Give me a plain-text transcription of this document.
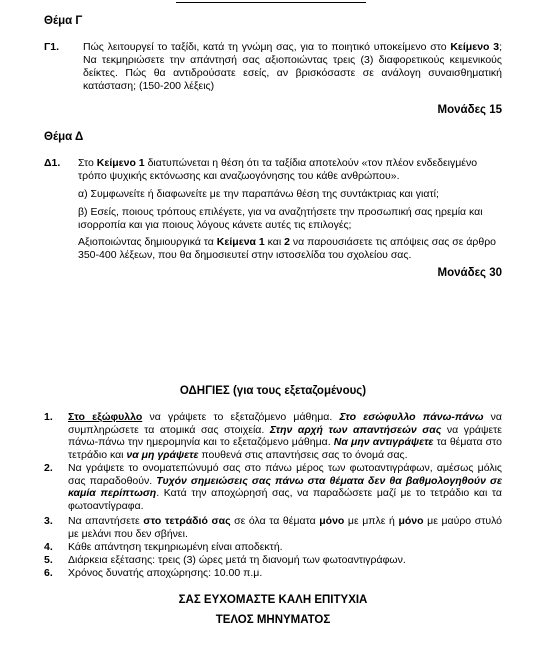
Θέμα Γ
Γ1. Πώς λειτουργεί το ταξίδι, κατά τη γνώμη σας, για το ποιητικό υποκείμενο στο Κείμενο 3; Να τεκμηριώσετε την απάντησή σας αξιοποιώντας τρεις (3) διαφορετικούς κειμενικούς δείκτες. Πώς θα αντιδρούσατε εσείς, αν βρισκόσαστε σε ανάλογη συναισθηματική κατάσταση; (150-200 λέξεις)
Μονάδες 15
Θέμα Δ
Δ1. Στο Κείμενο 1 διατυπώνεται η θέση ότι τα ταξίδια αποτελούν «τον πλέον ενδεδειγμένο τρόπο ψυχικής εκτόνωσης και αναζωογόνησης του κάθε ανθρώπου».
α) Συμφωνείτε ή διαφωνείτε με την παραπάνω θέση της συντάκτριας και γιατί;
β) Εσείς, ποιους τρόπους επιλέγετε, για να αναζητήσετε την προσωπική σας ηρεμία και ισορροπία και για ποιους λόγους κάνετε αυτές τις επιλογές;
Αξιοποιώντας δημιουργικά τα Κείμενα 1 και 2 να παρουσιάσετε τις απόψεις σας σε άρθρο 350-400 λέξεων, που θα δημοσιευτεί στην ιστοσελίδα του σχολείου σας.
Μονάδες 30
ΟΔΗΓΙΕΣ (για τους εξεταζομένους)
1. Στο εξώφυλλο να γράψετε το εξεταζόμενο μάθημα. Στο εσώφυλλο πάνω-πάνω να συμπληρώσετε τα ατομικά σας στοιχεία. Στην αρχή των απαντήσεών σας να γράψετε πάνω-πάνω την ημερομηνία και το εξεταζόμενο μάθημα. Να μην αντιγράψετε τα θέματα στο τετράδιο και να μη γράψετε πουθενά στις απαντήσεις σας το όνομά σας.
2. Να γράψετε το ονοματεπώνυμό σας στο πάνω μέρος των φωτοαντιγράφων, αμέσως μόλις σας παραδοθούν. Τυχόν σημειώσεις σας πάνω στα θέματα δεν θα βαθμολογηθούν σε καμία περίπτωση. Κατά την αποχώρησή σας, να παραδώσετε μαζί με το τετράδιο και τα φωτοαντίγραφα.
3. Να απαντήσετε στο τετράδιό σας σε όλα τα θέματα μόνο με μπλε ή μόνο με μαύρο στυλό με μελάνι που δεν σβήνει.
4. Κάθε απάντηση τεκμηριωμένη είναι αποδεκτή.
5. Διάρκεια εξέτασης: τρεις (3) ώρες μετά τη διανομή των φωτοαντιγράφων.
6. Χρόνος δυνατής αποχώρησης: 10.00 π.μ.
ΣΑΣ ΕΥΧΟΜΑΣΤΕ ΚΑΛΗ ΕΠΙΤΥΧΙΑ
ΤΕΛΟΣ ΜΗΝΥΜΑΤΟΣ
